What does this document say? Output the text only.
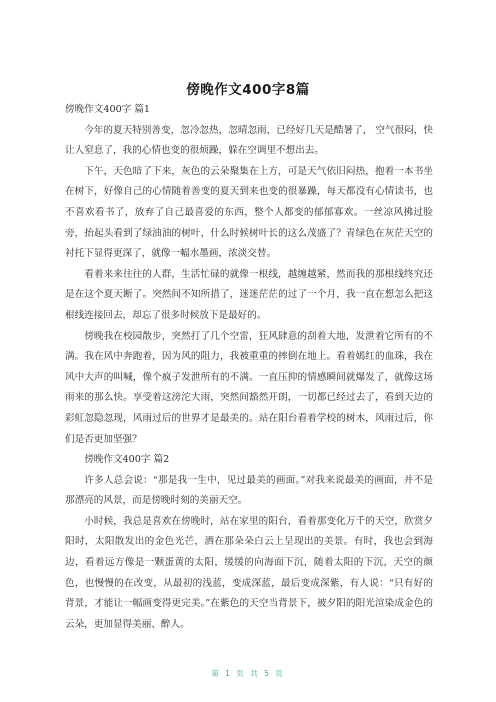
傍晚作文400字8篇

傍晚作文400字 篇1

今年的夏天特别善变，忽冷忽热，忽晴忽雨，已经好几天是酷暑了， 空气很闷，快让人窒息了，我的心情也变的很烦躁，躲在空调里不想出去。

下午，天色暗了下来，灰色的云朵聚集在上方，可是天气依旧闷热，抱着一本书坐在树下，好像自己的心情随着善变的夏天到来也变的很暴躁，每天都没有心情读书，也不喜欢看书了，放弃了自己最喜爱的东西，整个人都变的郁郁寡欢。一丝凉风拂过脸旁，抬起头看到了绿油油的树叶，什么时候树叶长的这么茂盛了？青绿色在灰茫天空的衬托下显得更深了，就像一幅水墨画，浓淡交替。

看着来来往往的人群，生活忙碌的就像一根线，越缠越紧，然而我的那根线终究还是在这个夏天断了。突然间不知所措了，迷迷茫茫的过了一个月，我一直在想怎么把这根线连接回去，却忘了很多时候放下是最好的。

傍晚我在校园散步，突然打了几个空雷，狂风肆意的刮着大地，发泄着它所有的不满。我在风中奔跑着，因为风的阻力，我被重重的摔倒在地上。看着嫣红的血珠，我在风中大声的叫喊，像个疯子发泄所有的不满。一直压抑的情感瞬间就爆发了，就像这场雨来的那么快。享受着这滂沱大雨，突然间豁然开朗，一切都已经过去了，看到天边的彩虹忽隐忽现，风雨过后的世界才是最美的。站在阳台看着学校的树木，风雨过后，你们是否更加坚强？

傍晚作文400字 篇2

许多人总会说：“那是我一生中，见过最美的画面。”对我来说最美的画面，并不是那漂亮的风景，而是傍晚时刻的美丽天空。

小时候，我总是喜欢在傍晚时，站在家里的阳台，看着那变化万千的天空，欣赏夕阳时，太阳散发出的金色光芒，洒在那朵朵白云上呈现出的美景。有时，我也会到海边，看着远方像是一颗蛋黄的太阳，缓缓的向海面下沉，随着太阳的下沉，天空的颜色，也慢慢的在改变，从最初的浅蓝，变成深蓝，最后变成深紫，有人说：“只有好的背景，才能让一幅画变得更完美。”在紫色的天空当背景下，被夕阳的阳光渲染成金色的云朵，更加显得美丽、醉人。

第 1 页 共 5 页
